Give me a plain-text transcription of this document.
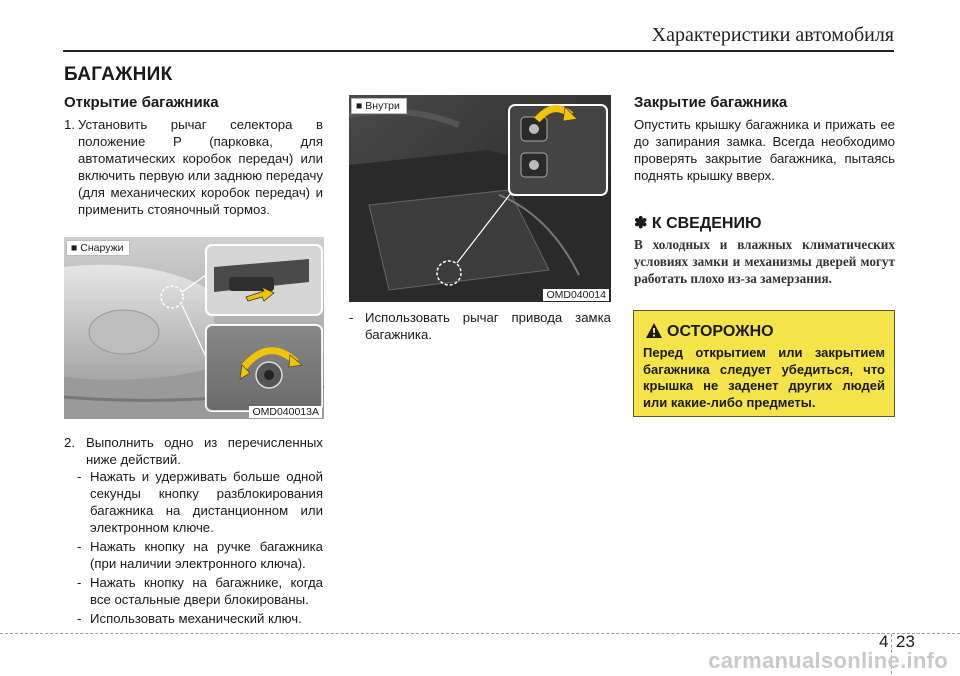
Характеристики автомобиля
БАГАЖНИК
Открытие багажника
1. Установить рычаг селектора в положение P (парковка, для автоматических коробок передач) или включить первую или заднюю передачу (для механических коробок передач) и применить стояночный тормоз.
■ Снаружи
OMD040013A
2. Выполнить одно из перечисленных ниже действий.
- Нажать и удерживать больше одной секунды кнопку разблокирования багажника на дистанционном или электронном ключе.
- Нажать кнопку на ручке багажника (при наличии электронного ключа).
- Нажать кнопку на багажнике, когда все остальные двери блокированы.
- Использовать механический ключ.
■ Внутри
OMD040014
- Использовать рычаг привода замка багажника.
Закрытие багажника
Опустить крышку багажника и прижать ее до запирания замка. Всегда необходимо проверять закрытие багажника, пытаясь поднять крышку вверх.
✽ К СВЕДЕНИЮ
В холодных и влажных климатических условиях замки и механизмы дверей могут работать плохо из-за замерзания.
ОСТОРОЖНО
Перед открытием или закрытием багажника следует убедиться, что крышка не заденет других людей или какие-либо предметы.
4 23
carmanualsonline.info
